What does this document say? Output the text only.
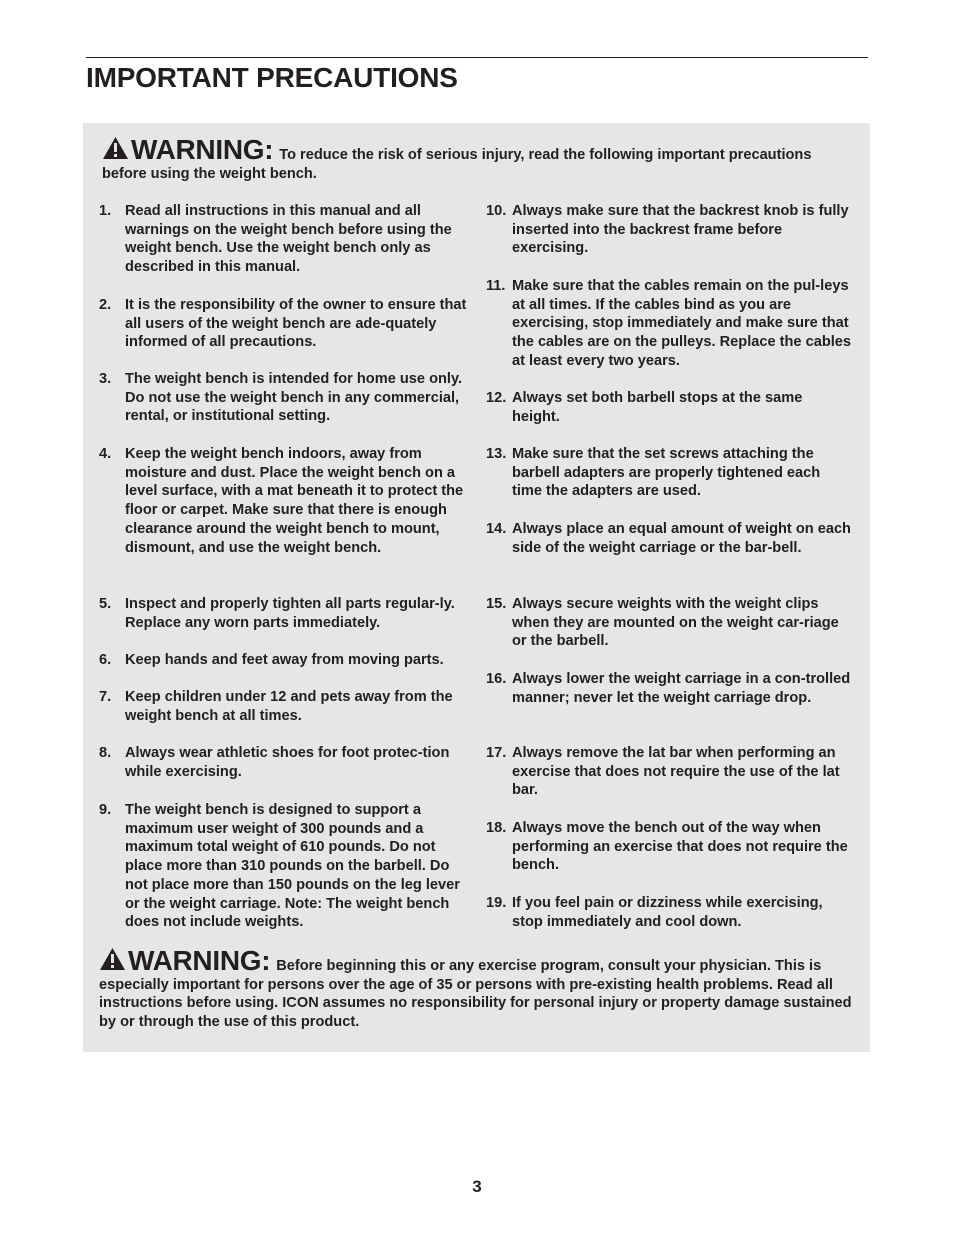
IMPORTANT PRECAUTIONS
WARNING: To reduce the risk of serious injury, read the following important precautions before using the weight bench.
1. Read all instructions in this manual and all warnings on the weight bench before using the weight bench. Use the weight bench only as described in this manual.
2. It is the responsibility of the owner to ensure that all users of the weight bench are ade-quately informed of all precautions.
3. The weight bench is intended for home use only. Do not use the weight bench in any commercial, rental, or institutional setting.
4. Keep the weight bench indoors, away from moisture and dust. Place the weight bench on a level surface, with a mat beneath it to protect the floor or carpet. Make sure that there is enough clearance around the weight bench to mount, dismount, and use the weight bench.
5. Inspect and properly tighten all parts regular-ly. Replace any worn parts immediately.
6. Keep hands and feet away from moving parts.
7. Keep children under 12 and pets away from the weight bench at all times.
8. Always wear athletic shoes for foot protec-tion while exercising.
9. The weight bench is designed to support a maximum user weight of 300 pounds and a maximum total weight of 610 pounds. Do not place more than 310 pounds on the barbell. Do not place more than 150 pounds on the leg lever or the weight carriage. Note: The weight bench does not include weights.
10. Always make sure that the backrest knob is fully inserted into the backrest frame before exercising.
11. Make sure that the cables remain on the pul-leys at all times. If the cables bind as you are exercising, stop immediately and make sure that the cables are on the pulleys. Replace the cables at least every two years.
12. Always set both barbell stops at the same height.
13. Make sure that the set screws attaching the barbell adapters are properly tightened each time the adapters are used.
14. Always place an equal amount of weight on each side of the weight carriage or the bar-bell.
15. Always secure weights with the weight clips when they are mounted on the weight car-riage or the barbell.
16. Always lower the weight carriage in a con-trolled manner; never let the weight carriage drop.
17. Always remove the lat bar when performing an exercise that does not require the use of the lat bar.
18. Always move the bench out of the way when performing an exercise that does not require the bench.
19. If you feel pain or dizziness while exercising, stop immediately and cool down.
WARNING: Before beginning this or any exercise program, consult your physician. This is especially important for persons over the age of 35 or persons with pre-existing health problems. Read all instructions before using. ICON assumes no responsibility for personal injury or property damage sustained by or through the use of this product.
3
